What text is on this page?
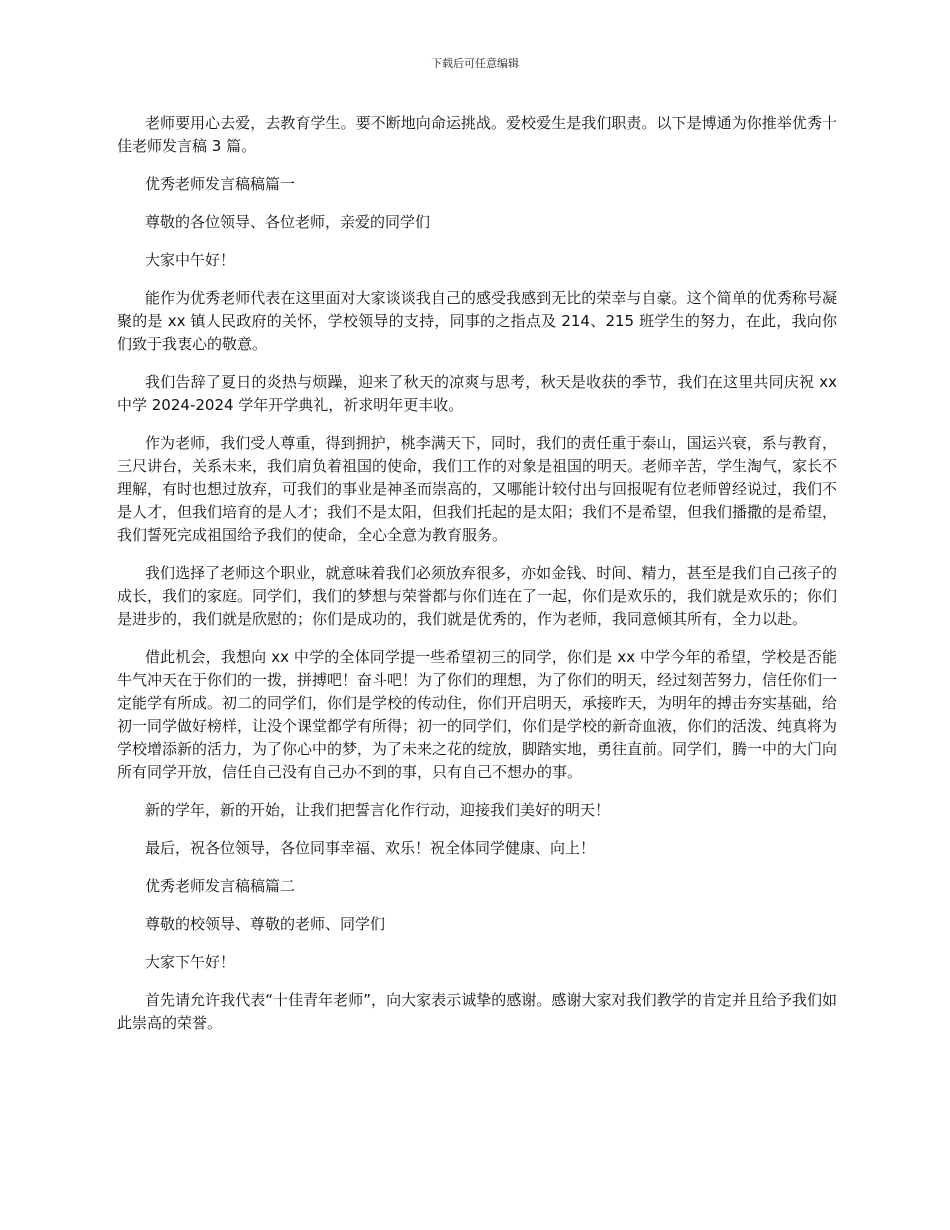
下载后可任意编辑

老师要用心去爱，去教育学生。要不断地向命运挑战。爱校爱生是我们职责。以下是博通为你推举优秀十佳老师发言稿 3 篇。

优秀老师发言稿稿篇一

尊敬的各位领导、各位老师，亲爱的同学们

大家中午好！

能作为优秀老师代表在这里面对大家谈谈我自己的感受我感到无比的荣幸与自豪。这个简单的优秀称号凝聚的是 xx 镇人民政府的关怀，学校领导的支持，同事的之指点及 214、215 班学生的努力，在此，我向你们致于我衷心的敬意。

我们告辞了夏日的炎热与烦躁，迎来了秋天的凉爽与思考，秋天是收获的季节，我们在这里共同庆祝 xx 中学 2024-2024 学年开学典礼，祈求明年更丰收。

作为老师，我们受人尊重，得到拥护，桃李满天下，同时，我们的责任重于泰山，国运兴衰，系与教育，三尺讲台，关系未来，我们肩负着祖国的使命，我们工作的对象是祖国的明天。老师辛苦，学生淘气，家长不理解，有时也想过放弃，可我们的事业是神圣而崇高的，又哪能计较付出与回报呢有位老师曾经说过，我们不是人才，但我们培育的是人才；我们不是太阳，但我们托起的是太阳；我们不是希望，但我们播撒的是希望，我们誓死完成祖国给予我们的使命，全心全意为教育服务。

我们选择了老师这个职业，就意味着我们必须放弃很多，亦如金钱、时间、精力，甚至是我们自己孩子的成长，我们的家庭。同学们，我们的梦想与荣誉都与你们连在了一起，你们是欢乐的，我们就是欢乐的；你们是进步的，我们就是欣慰的；你们是成功的，我们就是优秀的，作为老师，我同意倾其所有，全力以赴。

借此机会，我想向 xx 中学的全体同学提一些希望初三的同学，你们是 xx 中学今年的希望，学校是否能牛气冲天在于你们的一拨，拼搏吧！奋斗吧！为了你们的理想，为了你们的明天，经过刻苦努力，信任你们一定能学有所成。初二的同学们，你们是学校的传动住，你们开启明天，承接昨天，为明年的搏击夯实基础，给初一同学做好榜样，让没个课堂都学有所得；初一的同学们，你们是学校的新奇血液，你们的活泼、纯真将为学校增添新的活力，为了你心中的梦，为了未来之花的绽放，脚踏实地，勇往直前。同学们，腾一中的大门向所有同学开放，信任自己没有自己办不到的事，只有自己不想办的事。

新的学年，新的开始，让我们把誓言化作行动，迎接我们美好的明天！

最后，祝各位领导，各位同事幸福、欢乐！祝全体同学健康、向上！

优秀老师发言稿稿篇二

尊敬的校领导、尊敬的老师、同学们

大家下午好！

首先请允许我代表“十佳青年老师”，向大家表示诚挚的感谢。感谢大家对我们教学的肯定并且给予我们如此崇高的荣誉。
